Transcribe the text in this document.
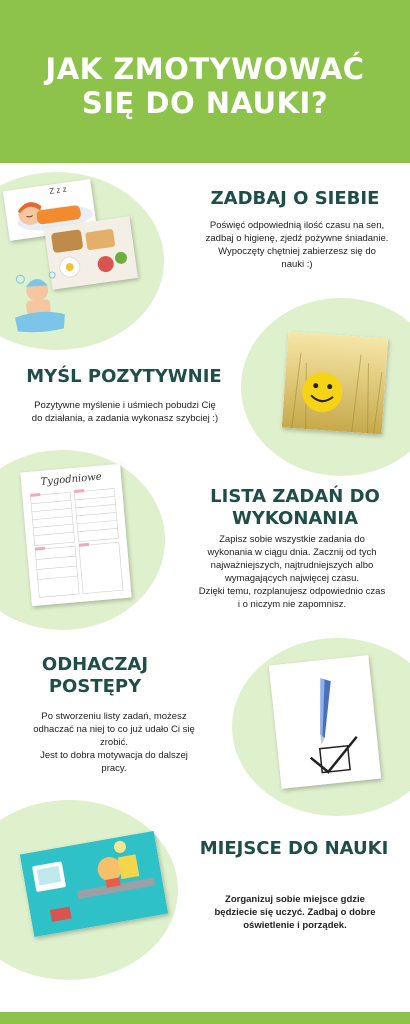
JAK ZMOTYWOWAĆ
SIĘ DO NAUKI?
Z z z	ZADBAJ O SIEBIE
Poświęć odpowiednią ilość czasu na sen,
zadbaj o higienę, zjedź pożywne śniadanie.
Wypoczęty chętniej zabierzesz się do
nauki :)
MYŚL POZYTYWNIE
Pozytywne myślenie i uśmiech pobudzi Cię
do działania, a zadania wykonasz szybciej :)
Tygodniowe
LISTA ZADAŃ DO
WYKONANIA
Zapisz sobie wszystkie zadania do
wykonania w ciągu dnia. Zacznij od tych
najważniejszych, najtrudniejszych albo
wymagających najwięcej czasu.
Dzięki temu, rozplanujesz odpowiednio czas
i o niczym nie zapomnisz.
ODHACZAJ
POSTĘPY
Po stworzeniu listy zadań, możesz
odhaczać na niej to co już udało Ci się
zrobić.
Jest to dobra motywacja do dalszej
pracy.
MIEJSCE DO NAUKI
Zorganizuj sobie miejsce gdzie
będziecie się uczyć. Zadbaj o dobre
oświetlenie i porządek.
